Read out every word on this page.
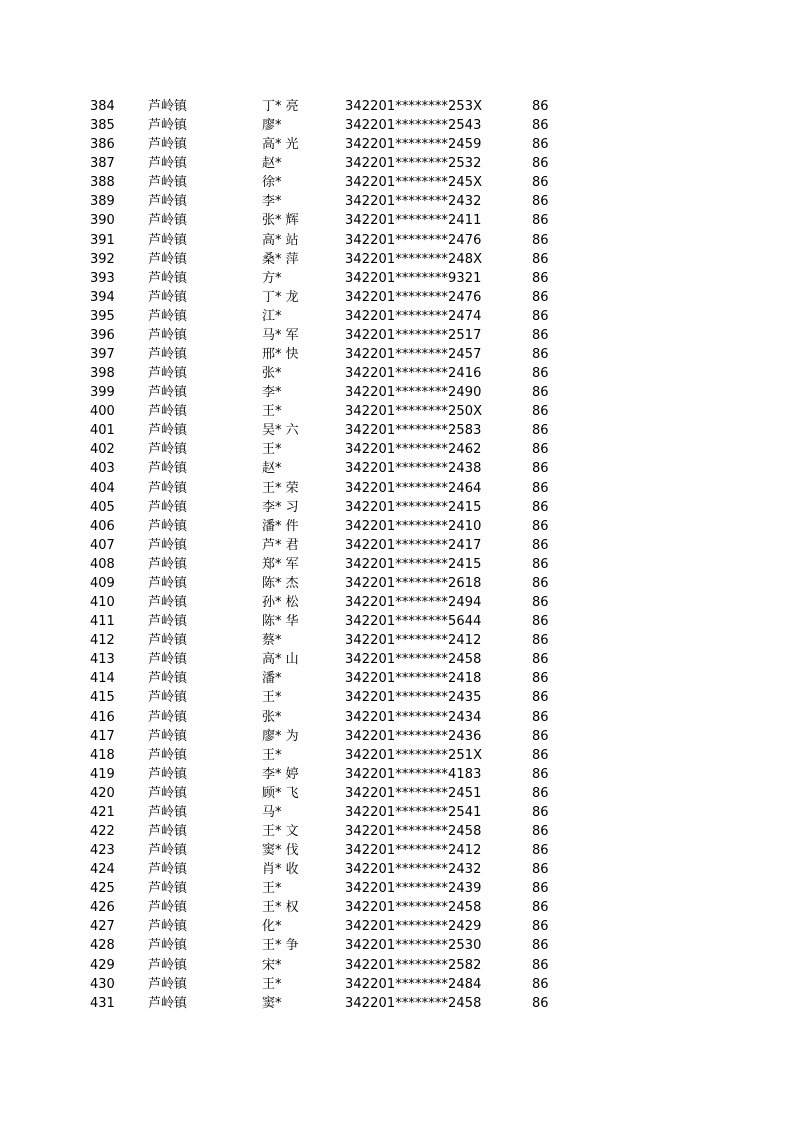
384	芦岭镇	丁* 亮	342201********253X	86
385	芦岭镇	廖*	342201********2543	86
386	芦岭镇	高* 光	342201********2459	86
387	芦岭镇	赵*	342201********2532	86
388	芦岭镇	徐*	342201********245X	86
389	芦岭镇	李*	342201********2432	86
390	芦岭镇	张* 辉	342201********2411	86
391	芦岭镇	高* 站	342201********2476	86
392	芦岭镇	桑* 萍	342201********248X	86
393	芦岭镇	方*	342201********9321	86
394	芦岭镇	丁* 龙	342201********2476	86
395	芦岭镇	江*	342201********2474	86
396	芦岭镇	马* 军	342201********2517	86
397	芦岭镇	邢* 快	342201********2457	86
398	芦岭镇	张*	342201********2416	86
399	芦岭镇	李*	342201********2490	86
400	芦岭镇	王*	342201********250X	86
401	芦岭镇	吴* 六	342201********2583	86
402	芦岭镇	王*	342201********2462	86
403	芦岭镇	赵*	342201********2438	86
404	芦岭镇	王* 荣	342201********2464	86
405	芦岭镇	李* 习	342201********2415	86
406	芦岭镇	潘* 件	342201********2410	86
407	芦岭镇	芦* 君	342201********2417	86
408	芦岭镇	郑* 军	342201********2415	86
409	芦岭镇	陈* 杰	342201********2618	86
410	芦岭镇	孙* 松	342201********2494	86
411	芦岭镇	陈* 华	342201********5644	86
412	芦岭镇	蔡*	342201********2412	86
413	芦岭镇	高* 山	342201********2458	86
414	芦岭镇	潘*	342201********2418	86
415	芦岭镇	王*	342201********2435	86
416	芦岭镇	张*	342201********2434	86
417	芦岭镇	廖* 为	342201********2436	86
418	芦岭镇	王*	342201********251X	86
419	芦岭镇	李* 婷	342201********4183	86
420	芦岭镇	顾* 飞	342201********2451	86
421	芦岭镇	马*	342201********2541	86
422	芦岭镇	王* 文	342201********2458	86
423	芦岭镇	窦* 伐	342201********2412	86
424	芦岭镇	肖* 收	342201********2432	86
425	芦岭镇	王*	342201********2439	86
426	芦岭镇	王* 权	342201********2458	86
427	芦岭镇	化*	342201********2429	86
428	芦岭镇	王* 争	342201********2530	86
429	芦岭镇	宋*	342201********2582	86
430	芦岭镇	王*	342201********2484	86
431	芦岭镇	窦*	342201********2458	86
